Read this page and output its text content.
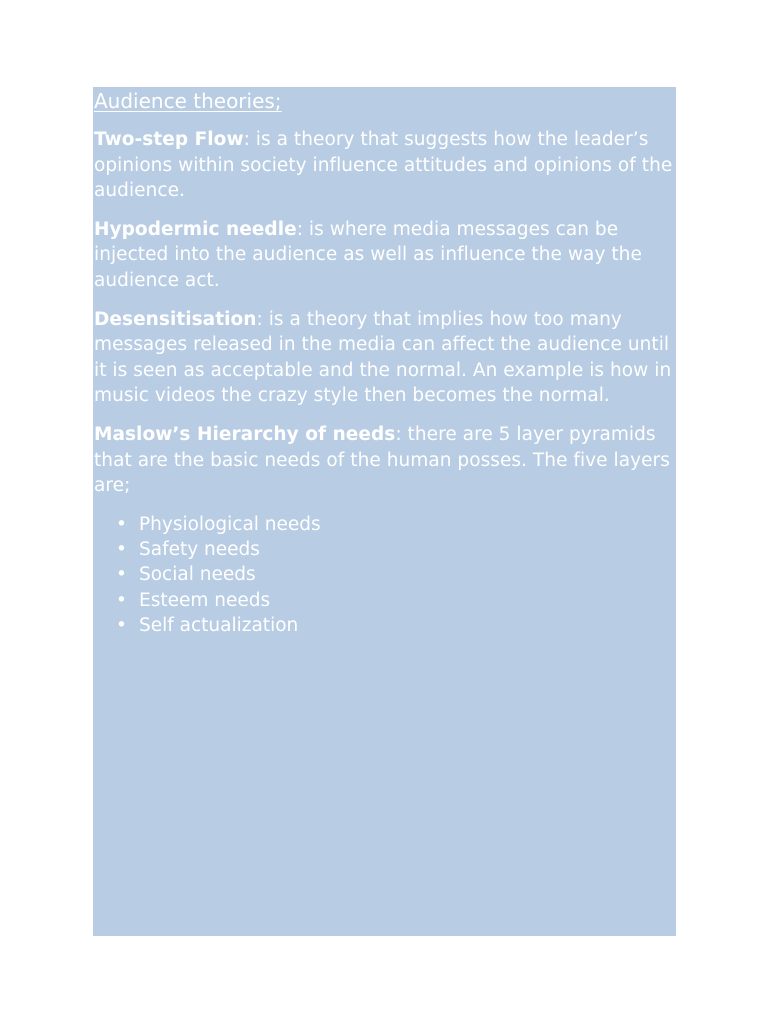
Audience theories;

Two-step Flow: is a theory that suggests how the leader’s opinions within society influence attitudes and opinions of the audience.

Hypodermic needle: is where media messages can be injected into the audience as well as influence the way the audience act.

Desensitisation: is a theory that implies how too many messages released in the media can affect the audience until it is seen as acceptable and the normal. An example is how in music videos the crazy style then becomes the normal.

Maslow’s Hierarchy of needs: there are 5 layer pyramids that are the basic needs of the human posses. The five layers are;

• Physiological needs
• Safety needs
• Social needs
• Esteem needs
• Self actualization
